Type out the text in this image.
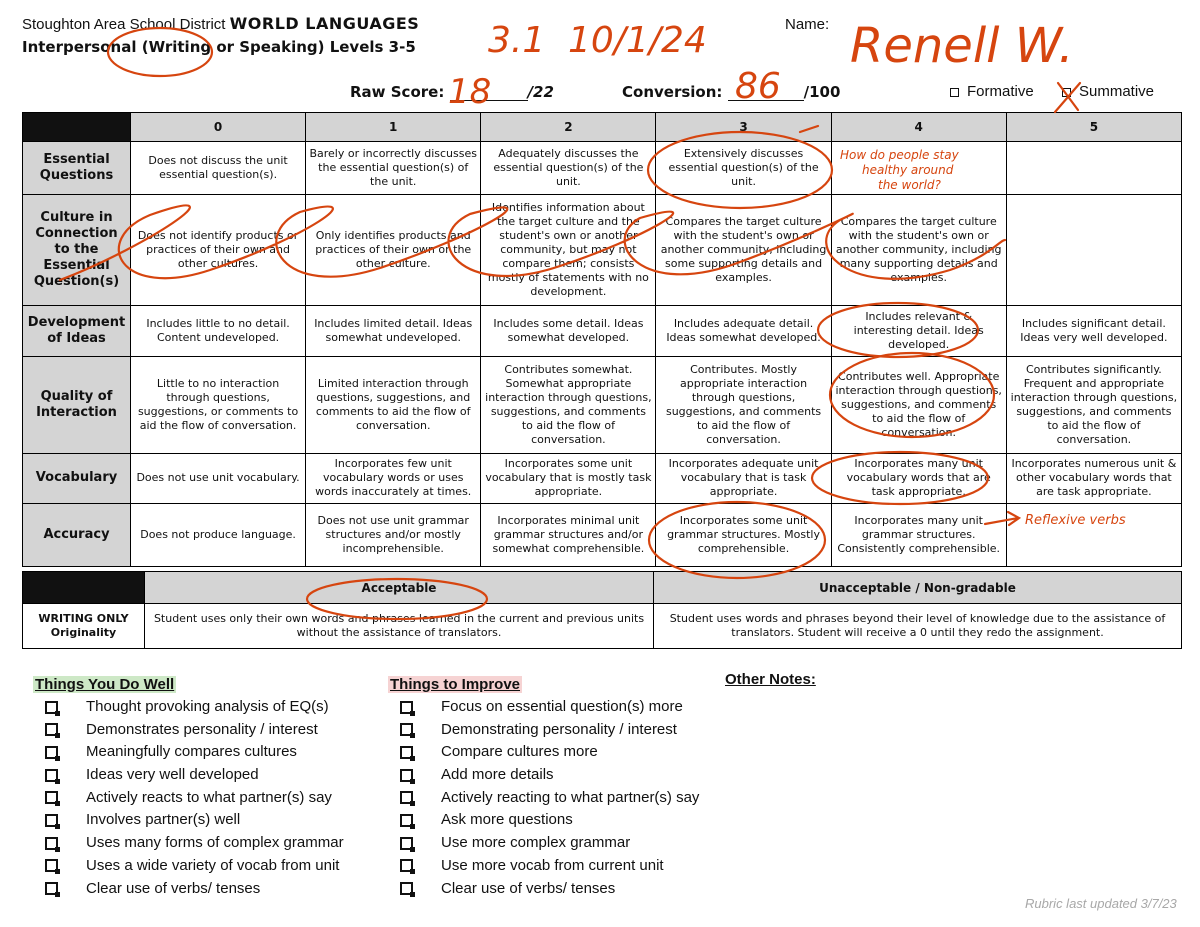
Stoughton Area School District WORLD LANGUAGES
Interpersonal (Writing or Speaking) Levels 3-5
Name:
Raw Score:	/22	Conversion:	/100	Formative	Summative
	0	1	2	3	4	5
Essential Questions	Does not discuss the unit essential question(s).	Barely or incorrectly discusses the essential question(s) of the unit.	Adequately discusses the essential question(s) of the unit.	Extensively discusses essential question(s) of the unit.		
Culture in Connection to the Essential Question(s)	Does not identify products or practices of their own and other cultures.	Only identifies products and practices of their own or the other culture.	Identifies information about the target culture and the student's own or another community, but may not compare them; consists mostly of statements with no development.	Compares the target culture with the student's own or another community, including some supporting details and examples.	Compares the target culture with the student's own or another community, including many supporting details and examples.	
Development of Ideas	Includes little to no detail. Content undeveloped.	Includes limited detail. Ideas somewhat undeveloped.	Includes some detail. Ideas somewhat developed.	Includes adequate detail. Ideas somewhat developed.	Includes relevant & interesting detail. Ideas developed.	Includes significant detail. Ideas very well developed.
Quality of Interaction	Little to no interaction through questions, suggestions, or comments to aid the flow of conversation.	Limited interaction through questions, suggestions, and comments to aid the flow of conversation.	Contributes somewhat. Somewhat appropriate interaction through questions, suggestions, and comments to aid the flow of conversation.	Contributes. Mostly appropriate interaction through questions, suggestions, and comments to aid the flow of conversation.	Contributes well. Appropriate interaction through questions, suggestions, and comments to aid the flow of conversation.	Contributes significantly. Frequent and appropriate interaction through questions, suggestions, and comments to aid the flow of conversation.
Vocabulary	Does not use unit vocabulary.	Incorporates few unit vocabulary words or uses words inaccurately at times.	Incorporates some unit vocabulary that is mostly task appropriate.	Incorporates adequate unit vocabulary that is task appropriate.	Incorporates many unit vocabulary words that are task appropriate.	Incorporates numerous unit & other vocabulary words that are task appropriate.
Accuracy	Does not produce language.	Does not use unit grammar structures and/or mostly incomprehensible.	Incorporates minimal unit grammar structures and/or somewhat comprehensible.	Incorporates some unit grammar structures. Mostly comprehensible.	Incorporates many unit grammar structures. Consistently comprehensible.	
	Acceptable	Unacceptable / Non-gradable
WRITING ONLY
Originality	Student uses only their own words and phrases learned in the current and previous units without the assistance of translators.	Student uses words and phrases beyond their level of knowledge due to the assistance of translators. Student will receive a 0 until they redo the assignment.
Things You Do Well
Thought provoking analysis of EQ(s)
Demonstrates personality / interest
Meaningfully compares cultures
Ideas very well developed
Actively reacts to what partner(s) say
Involves partner(s) well
Uses many forms of complex grammar
Uses a wide variety of vocab from unit
Clear use of verbs/ tenses
Things to Improve
Focus on essential question(s) more
Demonstrating personality / interest
Compare cultures more
Add more details
Actively reacting to what partner(s) say
Ask more questions
Use more complex grammar
Use more vocab from current unit
Clear use of verbs/ tenses
Other Notes:
Rubric last updated 3/7/23
3.1 10/1/24	Renell W.
18	86
How do people stay
healthy around
the world?
Reflexive verbs
